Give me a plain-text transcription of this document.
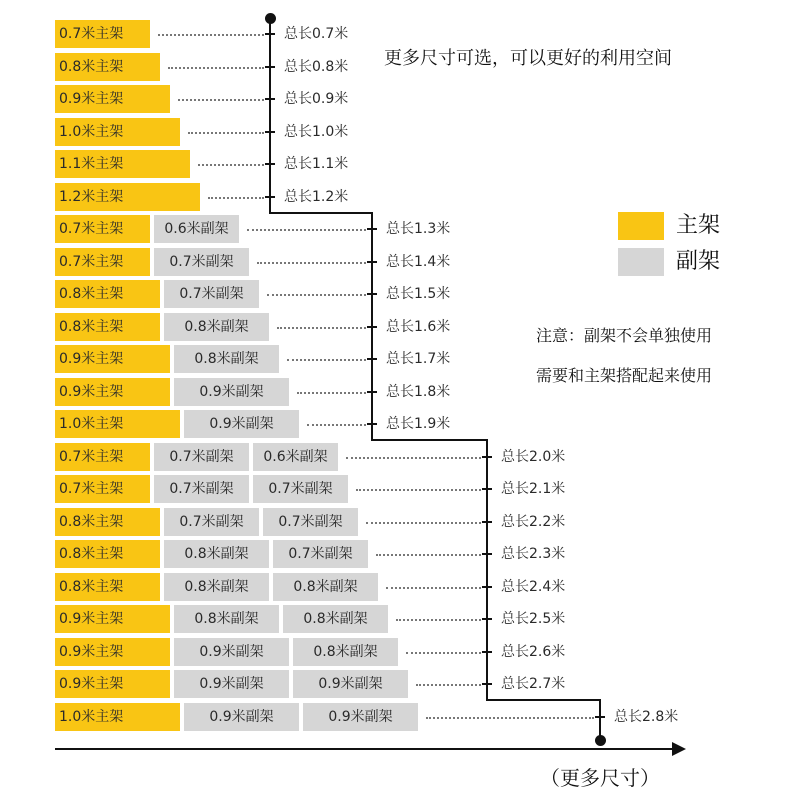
更多尺寸可选，可以更好的利用空间
主架
副架
注意：副架不会单独使用
需要和主架搭配起来使用
（更多尺寸）
0.7米主架	总长0.7米
0.8米主架	总长0.8米
0.9米主架	总长0.9米
1.0米主架	总长1.0米
1.1米主架	总长1.1米
1.2米主架	总长1.2米
0.7米主架	0.6米副架	总长1.3米
0.7米主架	0.7米副架	总长1.4米
0.8米主架	0.7米副架	总长1.5米
0.8米主架	0.8米副架	总长1.6米
0.9米主架	0.8米副架	总长1.7米
0.9米主架	0.9米副架	总长1.8米
1.0米主架	0.9米副架	总长1.9米
0.7米主架	0.7米副架	0.6米副架	总长2.0米
0.7米主架	0.7米副架	0.7米副架	总长2.1米
0.8米主架	0.7米副架	0.7米副架	总长2.2米
0.8米主架	0.8米副架	0.7米副架	总长2.3米
0.8米主架	0.8米副架	0.8米副架	总长2.4米
0.9米主架	0.8米副架	0.8米副架	总长2.5米
0.9米主架	0.9米副架	0.8米副架	总长2.6米
0.9米主架	0.9米副架	0.9米副架	总长2.7米
1.0米主架	0.9米副架	0.9米副架	总长2.8米
